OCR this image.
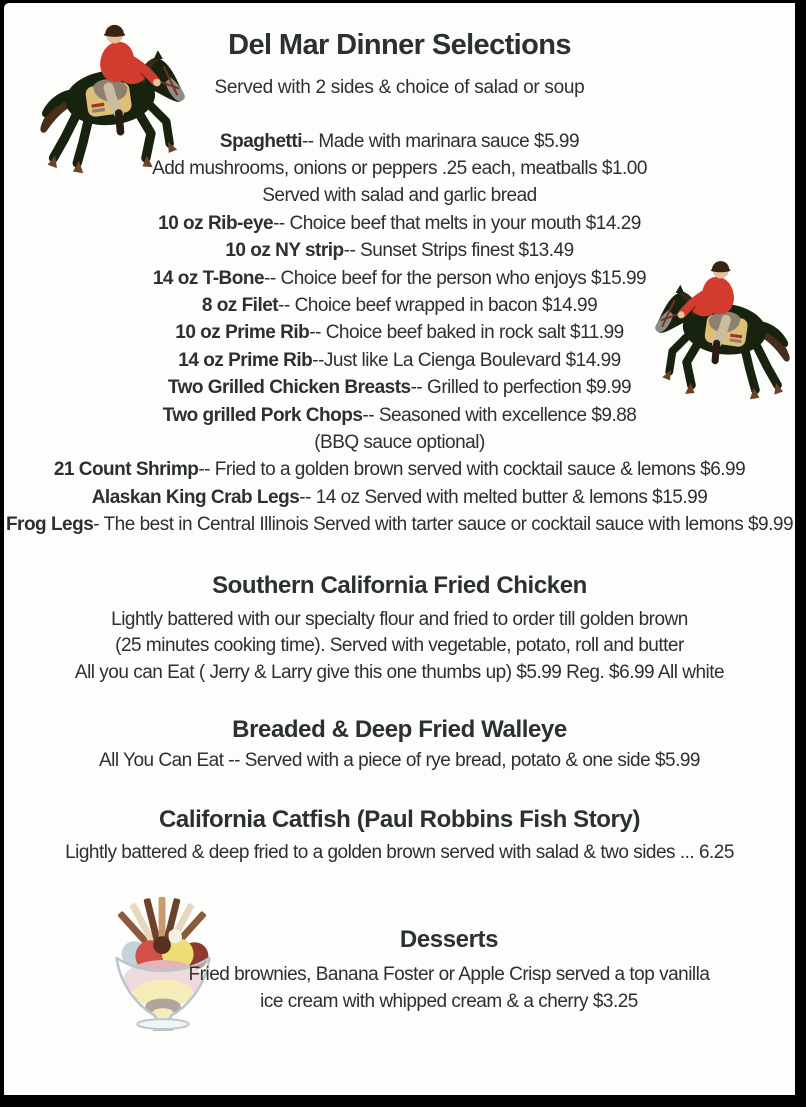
Del Mar Dinner Selections
Served with 2 sides & choice of salad or soup
Spaghetti -- Made with marinara sauce $5.99
Add mushrooms, onions or peppers .25 each, meatballs $1.00
Served with salad and garlic bread
10 oz Rib-eye -- Choice beef that melts in your mouth $14.29
10 oz NY strip -- Sunset Strips finest $13.49
14 oz T-Bone -- Choice beef for the person who enjoys $15.99
8 oz Filet -- Choice beef wrapped in bacon $14.99
10 oz Prime Rib -- Choice beef baked in rock salt $11.99
14 oz Prime Rib --Just like La Cienga Boulevard $14.99
Two Grilled Chicken Breasts -- Grilled to perfection $9.99
Two grilled Pork Chops -- Seasoned with excellence $9.88
(BBQ sauce optional)
21 Count Shrimp -- Fried to a golden brown served with cocktail sauce & lemons $6.99
Alaskan King Crab Legs -- 14 oz Served with melted butter & lemons $15.99
Frog Legs - The best in Central Illinois Served with tarter sauce or cocktail sauce with lemons $9.99
Southern California Fried Chicken
Lightly battered with our specialty flour and fried to order till golden brown
(25 minutes cooking time). Served with vegetable, potato, roll and butter
All you can Eat ( Jerry & Larry give this one thumbs up) $5.99 Reg. $6.99 All white
Breaded & Deep Fried Walleye
All You Can Eat -- Served with a piece of rye bread, potato & one side $5.99
California Catfish (Paul Robbins Fish Story)
Lightly battered & deep fried to a golden brown served with salad & two sides ... 6.25
Desserts
Fried brownies, Banana Foster or Apple Crisp served a top vanilla
ice cream with whipped cream & a cherry $3.25
